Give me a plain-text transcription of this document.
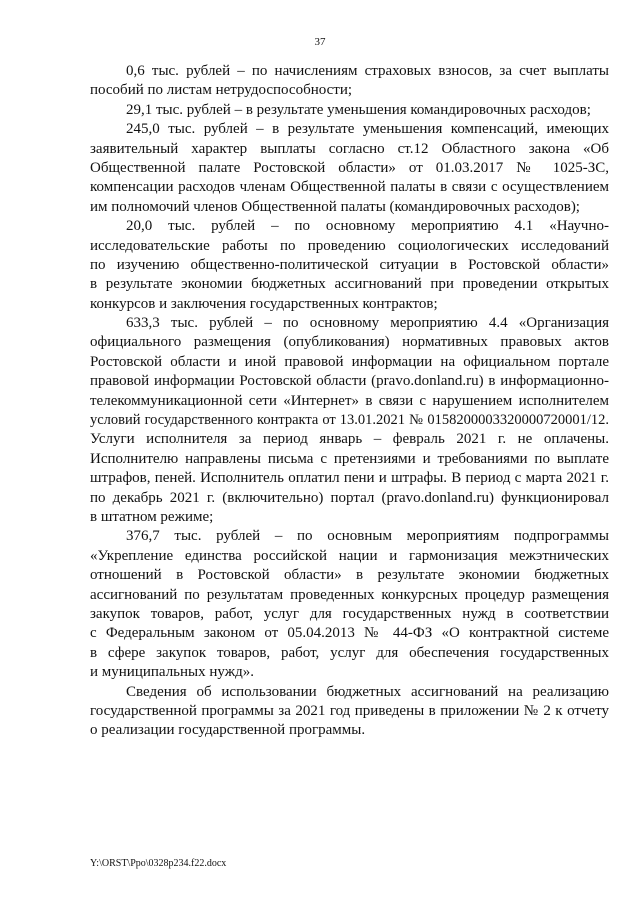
37
0,6 тыс. рублей – по начислениям страховых взносов, за счет выплаты
пособий по листам нетрудоспособности;
29,1 тыс. рублей – в результате уменьшения командировочных расходов;
245,0 тыс. рублей – в результате уменьшения компенсаций, имеющих
заявительный характер выплаты согласно ст.12 Областного закона «Об
Общественной палате Ростовской области» от 01.03.2017 № 1025-ЗС,
компенсации расходов членам Общественной палаты в связи с осуществлением
им полномочий членов Общественной палаты (командировочных расходов);
20,0 тыс. рублей – по основному мероприятию 4.1 «Научно-
исследовательские работы по проведению социологических исследований
по изучению общественно-политической ситуации в Ростовской области»
в результате экономии бюджетных ассигнований при проведении открытых
конкурсов и заключения государственных контрактов;
633,3 тыс. рублей – по основному мероприятию 4.4 «Организация
официального размещения (опубликования) нормативных правовых актов
Ростовской области и иной правовой информации на официальном портале
правовой информации Ростовской области (pravo.donland.ru) в информационно-
телекоммуникационной сети «Интернет» в связи с нарушением исполнителем
условий государственного контракта от 13.01.2021 № 0158200003320000720001/12.
Услуги исполнителя за период январь – февраль 2021 г. не оплачены.
Исполнителю направлены письма с претензиями и требованиями по выплате
штрафов, пеней. Исполнитель оплатил пени и штрафы. В период с марта 2021 г.
по декабрь 2021 г. (включительно) портал (pravo.donland.ru) функционировал
в штатном режиме;
376,7 тыс. рублей – по основным мероприятиям подпрограммы
«Укрепление единства российской нации и гармонизация межэтнических
отношений в Ростовской области» в результате экономии бюджетных
ассигнований по результатам проведенных конкурсных процедур размещения
закупок товаров, работ, услуг для государственных нужд в соответствии
с Федеральным законом от 05.04.2013 № 44-ФЗ «О контрактной системе
в сфере закупок товаров, работ, услуг для обеспечения государственных
и муниципальных нужд».
Сведения об использовании бюджетных ассигнований на реализацию
государственной программы за 2021 год приведены в приложении № 2 к отчету
о реализации государственной программы.
Y:\ORST\Ppo\0328p234.f22.docx
